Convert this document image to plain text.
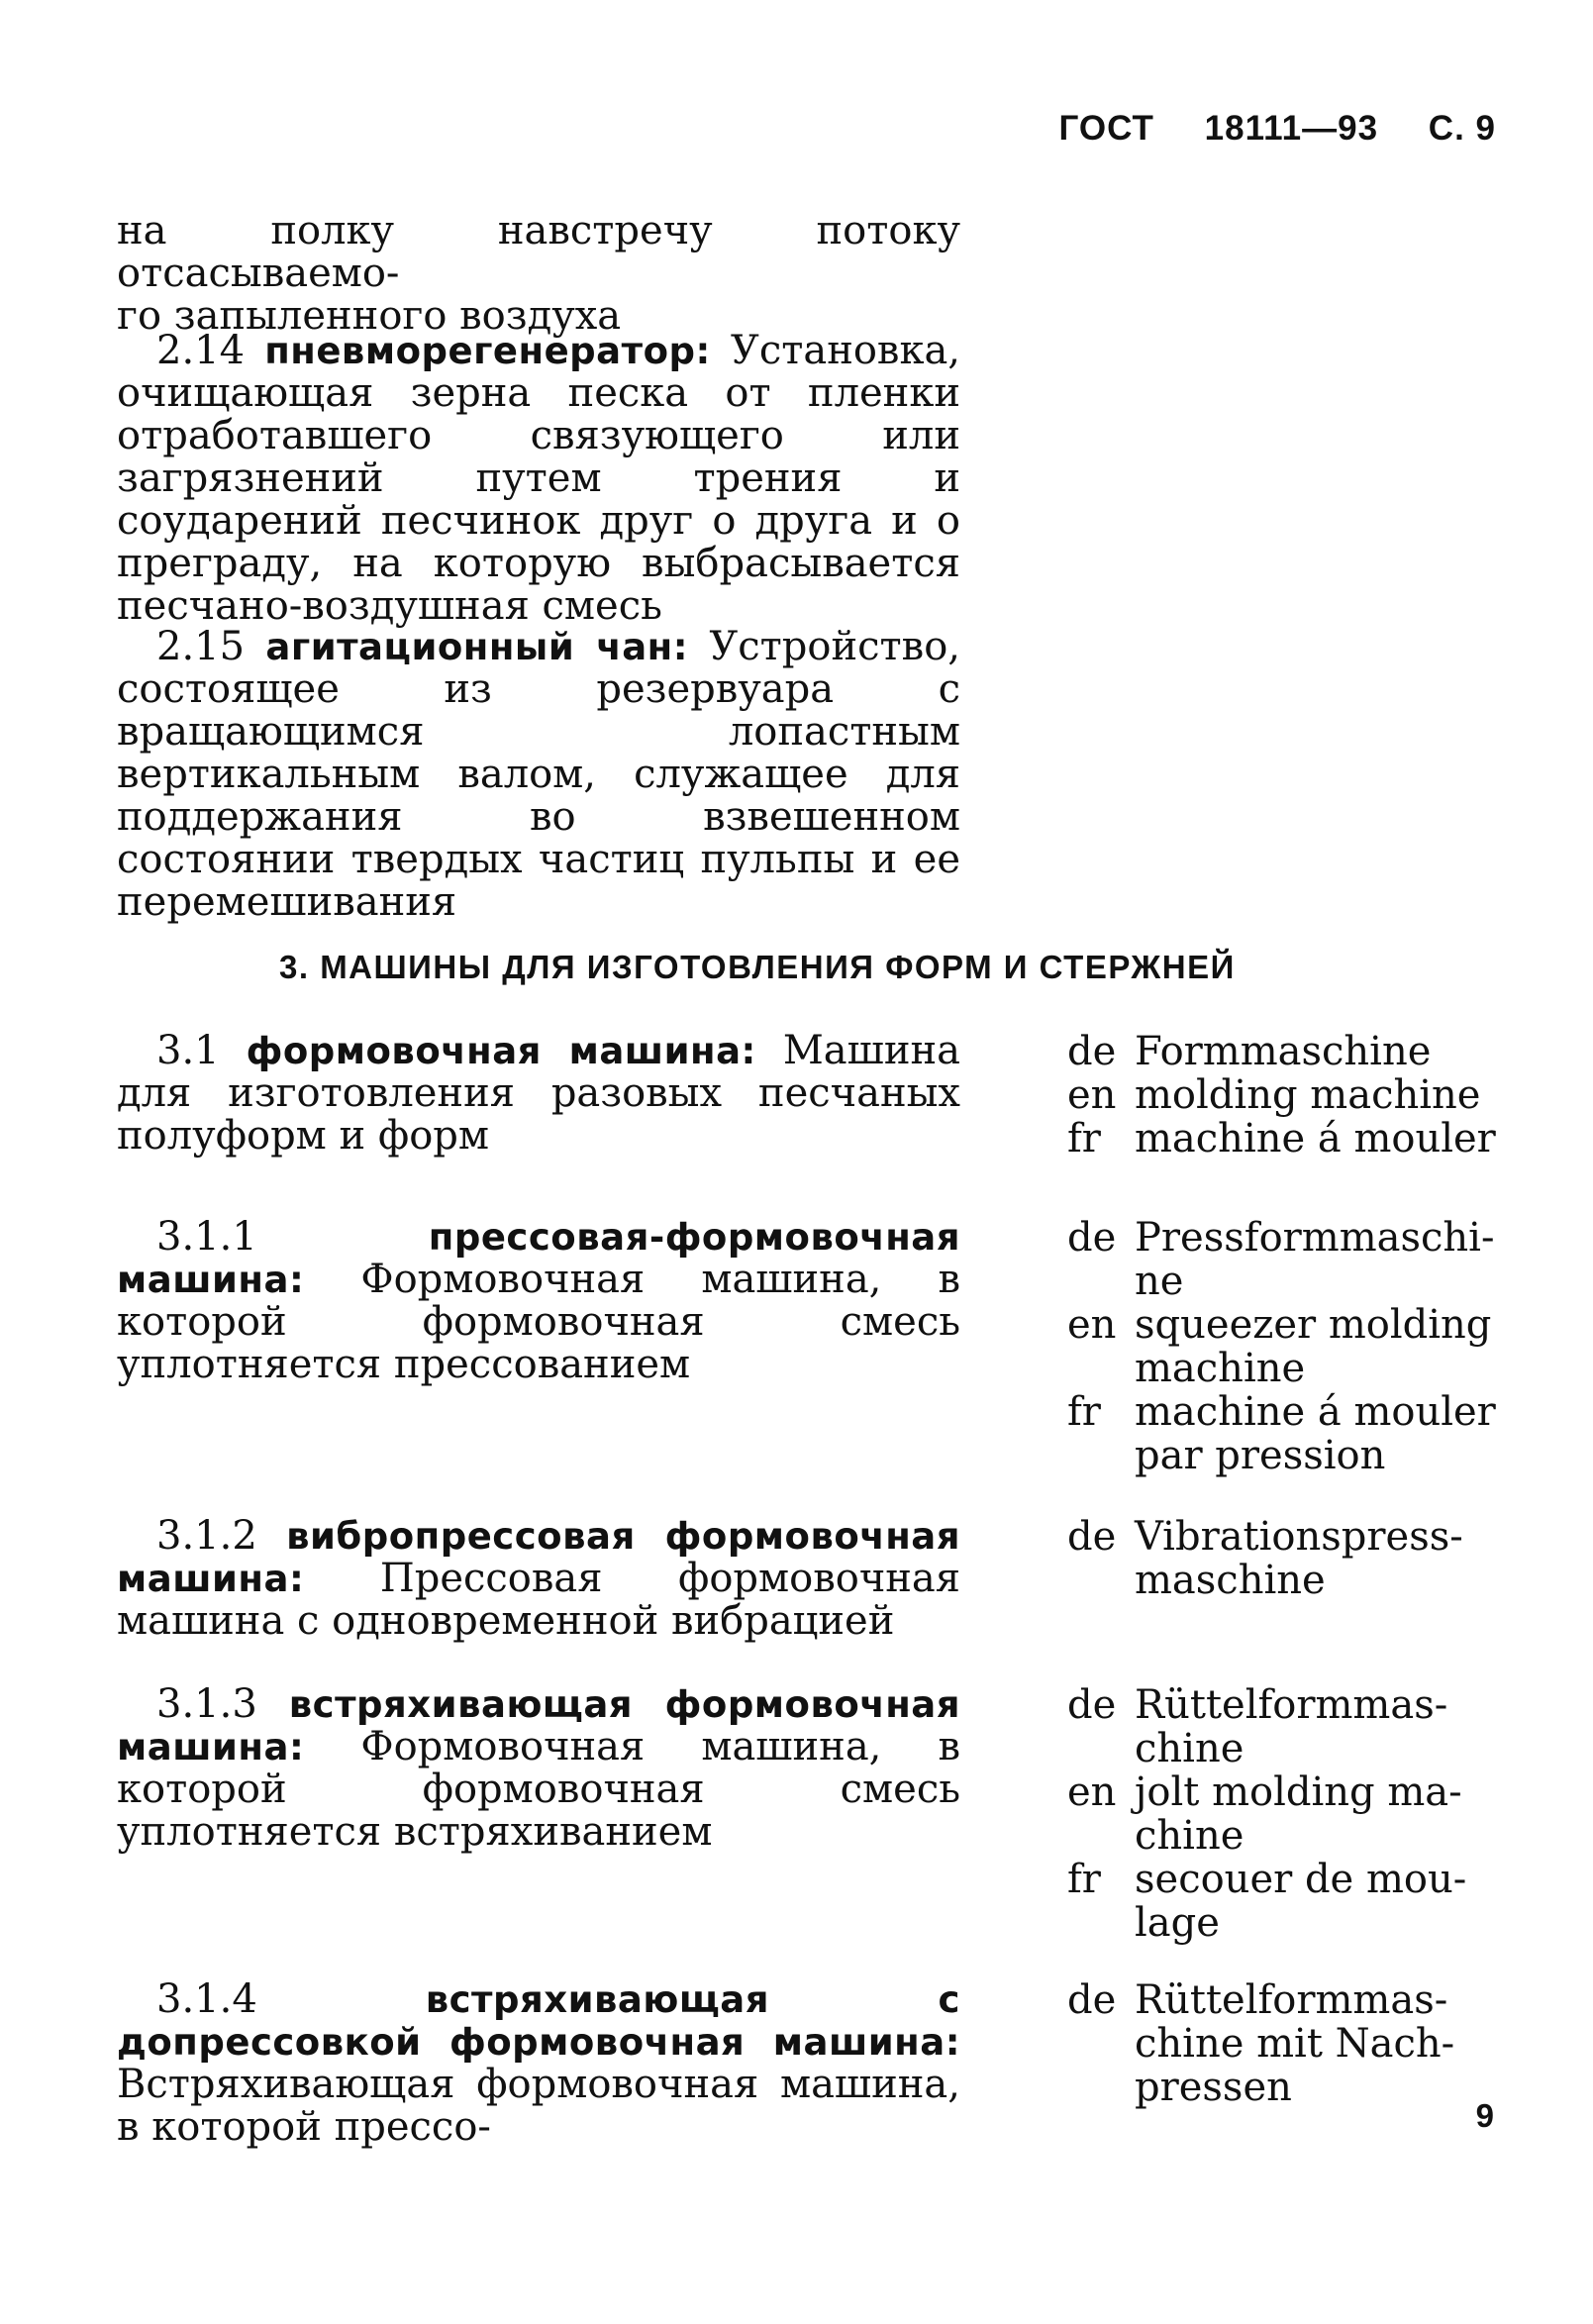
ГОСТ 18111—93 С. 9
на полку навстречу потоку отсасываемо-
го запыленного воздуха
2.14 пневморегенератор: Установка, очищающая зерна песка от пленки отработавшего связующего или загрязнений путем трения и соударений песчинок друг о друга и о преграду, на которую выбрасывается песчано-воздушная смесь
2.15 агитационный чан: Устройство, состоящее из резервуара с вращающимся лопастным вертикальным валом, служащее для поддержания во взвешенном состоянии твердых частиц пульпы и ее перемешивания
3. МАШИНЫ ДЛЯ ИЗГОТОВЛЕНИЯ ФОРМ И СТЕРЖНЕЙ
3.1 формовочная машина: Машина для изготовления разовых песчаных полуформ и форм
de Formmaschine
en molding machine
fr machine á mouler
3.1.1	прессовая-формовочная машина: Формовочная машина, в которой формовочная смесь уплотняется прессованием
de Pressformmaschi-
ne
en squeezer molding
machine
fr machine á mouler
par pression
3.1.2 вибропрессовая формовочная машина: Прессовая формовочная машина с одновременной вибрацией
de Vibrationspress-
maschine
3.1.3 встряхивающая формовочная машина: Формовочная машина, в которой формовочная смесь уплотняется встряхиванием
de Rüttelformmas-
chine
en jolt molding ma-
chine
fr secouer de mou-
lage
3.1.4	встряхивающая с допрессовкой формовочная машина: Встряхивающая формовочная машина, в которой прессо-
de Rüttelformmas-
chine mit Nach-
pressen
9
